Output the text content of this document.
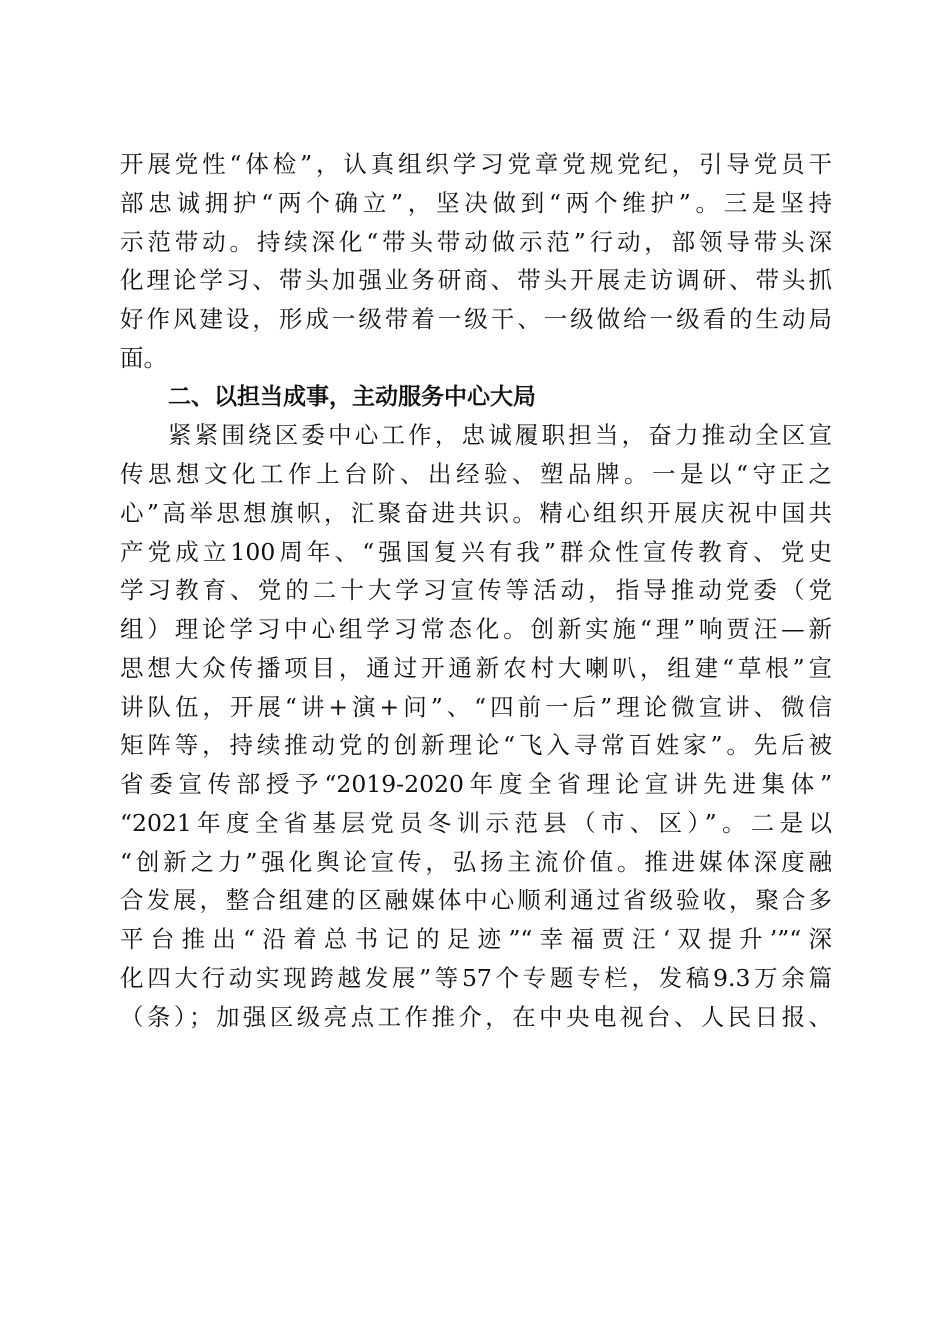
开展党性“体检”，认真组织学习党章党规党纪，引导党员干
部忠诚拥护“两个确立”，坚决做到“两个维护”。三是坚持
示范带动。持续深化“带头带动做示范”行动，部领导带头深
化理论学习、带头加强业务研商、带头开展走访调研、带头抓
好作风建设，形成一级带着一级干、一级做给一级看的生动局
面。
二、以担当成事，主动服务中心大局
紧紧围绕区委中心工作，忠诚履职担当，奋力推动全区宣
传思想文化工作上台阶、出经验、塑品牌。一是以“守正之
心”高举思想旗帜，汇聚奋进共识。精心组织开展庆祝中国共
产党成立100周年、“强国复兴有我”群众性宣传教育、党史
学习教育、党的二十大学习宣传等活动，指导推动党委（党
组）理论学习中心组学习常态化。创新实施“理”响贾汪—新
思想大众传播项目，通过开通新农村大喇叭，组建“草根”宣
讲队伍，开展“讲+演+问”、“四前一后”理论微宣讲、微信
矩阵等，持续推动党的创新理论“飞入寻常百姓家”。先后被
省委宣传部授予“2019-2020年度全省理论宣讲先进集体”
“2021年度全省基层党员冬训示范县（市、区）”。二是以
“创新之力”强化舆论宣传，弘扬主流价值。推进媒体深度融
合发展，整合组建的区融媒体中心顺利通过省级验收，聚合多
平台推出“沿着总书记的足迹”“幸福贾汪‘双提升’”“深
化四大行动实现跨越发展”等57个专题专栏，发稿9.3万余篇
（条）；加强区级亮点工作推介，在中央电视台、人民日报、
